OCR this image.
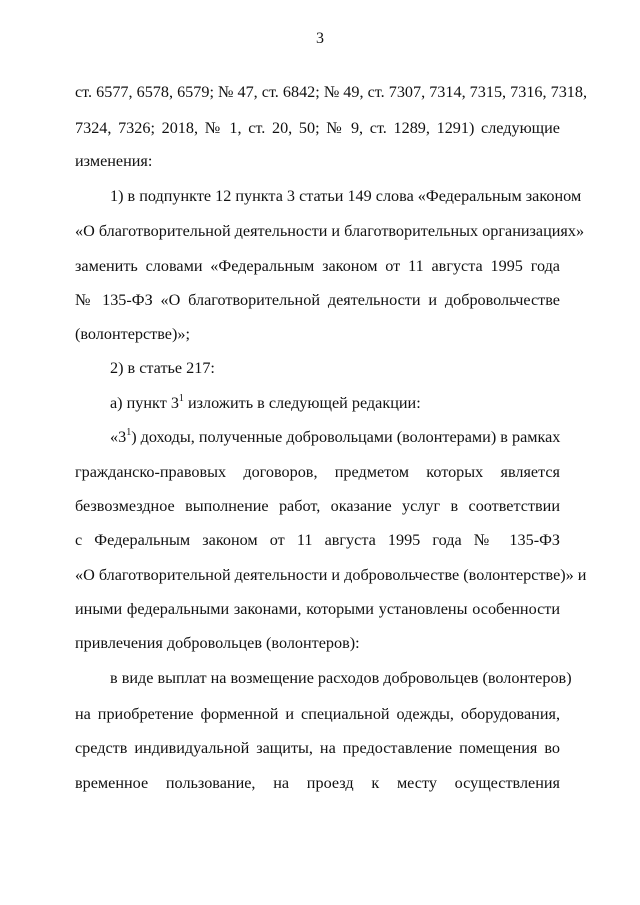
3
ст. 6577, 6578, 6579; № 47, ст. 6842; № 49, ст. 7307, 7314, 7315, 7316, 7318,
7324, 7326; 2018, № 1, ст. 20, 50; № 9, ст. 1289, 1291) следующие
изменения:
1) в подпункте 12 пункта 3 статьи 149 слова «Федеральным законом
«О благотворительной деятельности и благотворительных организациях»
заменить словами «Федеральным законом от 11 августа 1995 года
№ 135-ФЗ «О благотворительной деятельности и добровольчестве
(волонтерстве)»;
2) в статье 217:
а) пункт $3^1$ изложить в следующей редакции:
«$3^1$) доходы, полученные добровольцами (волонтерами) в рамках
гражданско-правовых договоров, предметом которых является
безвозмездное выполнение работ, оказание услуг в соответствии
с Федеральным законом от 11 августа 1995 года № 135-ФЗ
«О благотворительной деятельности и добровольчестве (волонтерстве)» и
иными федеральными законами, которыми установлены особенности
привлечения добровольцев (волонтеров):
в виде выплат на возмещение расходов добровольцев (волонтеров)
на приобретение форменной и специальной одежды, оборудования,
средств индивидуальной защиты, на предоставление помещения во
временное пользование, на проезд к месту осуществления
